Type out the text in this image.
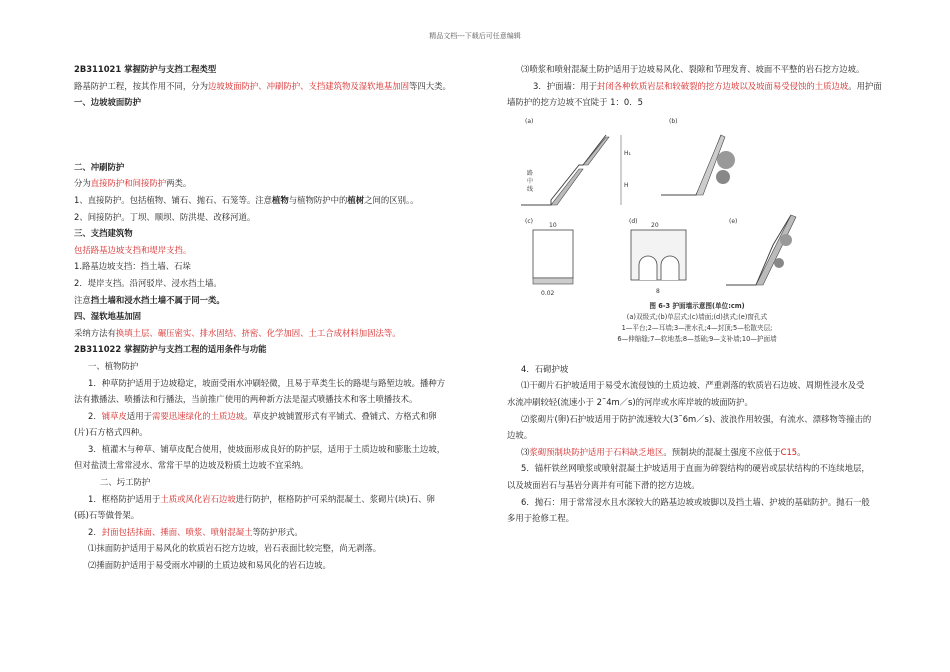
精品文档---下载后可任意编辑

2B311021 掌握防护与支挡工程类型

路基防护工程，按其作用不同，分为边坡坡面防护、冲刷防护、支挡建筑物及湿软地基加固等四大类。

一、边坡坡面防护

二、冲刷防护

分为直接防护和间接防护两类。

1、直接防护。包括植物、铺石、抛石、石笼等。注意植物与植物防护中的植树之间的区别。。

2、间接防护。丁坝、顺坝、防洪堤、改移河道。

三、支挡建筑物

包括路基边坡支挡和堤岸支挡。

1.路基边坡支挡：挡土墙、石垛

2．堤岸支挡。沿河驳岸、浸水挡土墙。

注意挡土墙和浸水挡土墙不属于同一类。

四、湿软地基加固

采纳方法有换填土层、碾压密实、排水固结、挤密、化学加固、土工合成材料加固法等。

2B311022 掌握防护与支挡工程的适用条件与功能

一、植物防护

1．种草防护适用于边坡稳定，坡面受雨水冲刷轻微，且易于草类生长的路堤与路堑边坡。播种方

法有撒播法、喷播法和行播法，当前推广使用的两种新方法是湿式喷播技术和客土喷播技术。

2．铺草皮适用于需要迅速绿化的土质边坡。草皮护坡铺置形式有平铺式、叠铺式、方格式和卵

(片)石方格式四种。

3．植灌木与种草、铺草皮配合使用，使坡面形成良好的防护层，适用于土质边坡和膨胀土边坡，

但对盐渍土常常浸水、常常干旱的边坡及粉质土边坡不宜采纳。

二、圬工防护

1．框格防护适用于土质或风化岩石边坡进行防护，框格防护可采纳混凝土、浆砌片(块)石、卵

(砾)石等做骨架。

2．封面包括抹面、捶面、喷浆、喷射混凝土等防护形式。

⑴抹面防护适用于易风化的软质岩石挖方边坡，岩石表面比较完整，尚无剥落。

⑵捶面防护适用于易受雨水冲刷的土质边坡和易风化的岩石边坡。

⑶喷浆和喷射混凝土防护适用于边坡易风化、裂隙和节理发育、坡面不平整的岩石挖方边坡。

3．护面墙：用于封闭各种软质岩层和较破裂的挖方边坡以及坡面易受侵蚀的土质边坡。用护面

墙防护的挖方边坡不宜陡于 1：0．5

(a)
H₁
H
路
中
线
(b)
(c)
10
0.02
(d)
20
8
(e)
图 6-3 护面墙示意图(单位:cm)
(a)双级式;(b)单层式;(c)墙面;(d)拱式;(e)窗孔式
1—平台;2—耳墙;3—泄水孔;4—封顶;5—松散夹层;
6—伸缩缝;7—软地基;8—基础;9—支补墙;10—护面墙

4．石砌护坡

⑴干砌片石护坡适用于易受水流侵蚀的土质边坡、严重剥落的软质岩石边坡、周期性浸水及受

水流冲刷较轻(流速小于 2˜4m／s)的河岸或水库岸坡的坡面防护。

⑵浆砌片(卵)石护坡适用于防护流速较大(3˜6m／s)、波浪作用较强，有流水、漂移物等撞击的

边坡。

⑶浆砌预制块防护适用于石料缺乏地区。预制块的混凝土强度不应低于C15。

5．锚杆铁丝网喷浆或喷射混凝土护坡适用于直面为碎裂结构的硬岩或层状结构的不连续地层，

以及坡面岩石与基岩分离并有可能下滑的挖方边坡。

6．抛石：用于常常浸水且水深较大的路基边坡或坡脚以及挡土墙、护坡的基础防护。抛石一般

多用于抢修工程。
